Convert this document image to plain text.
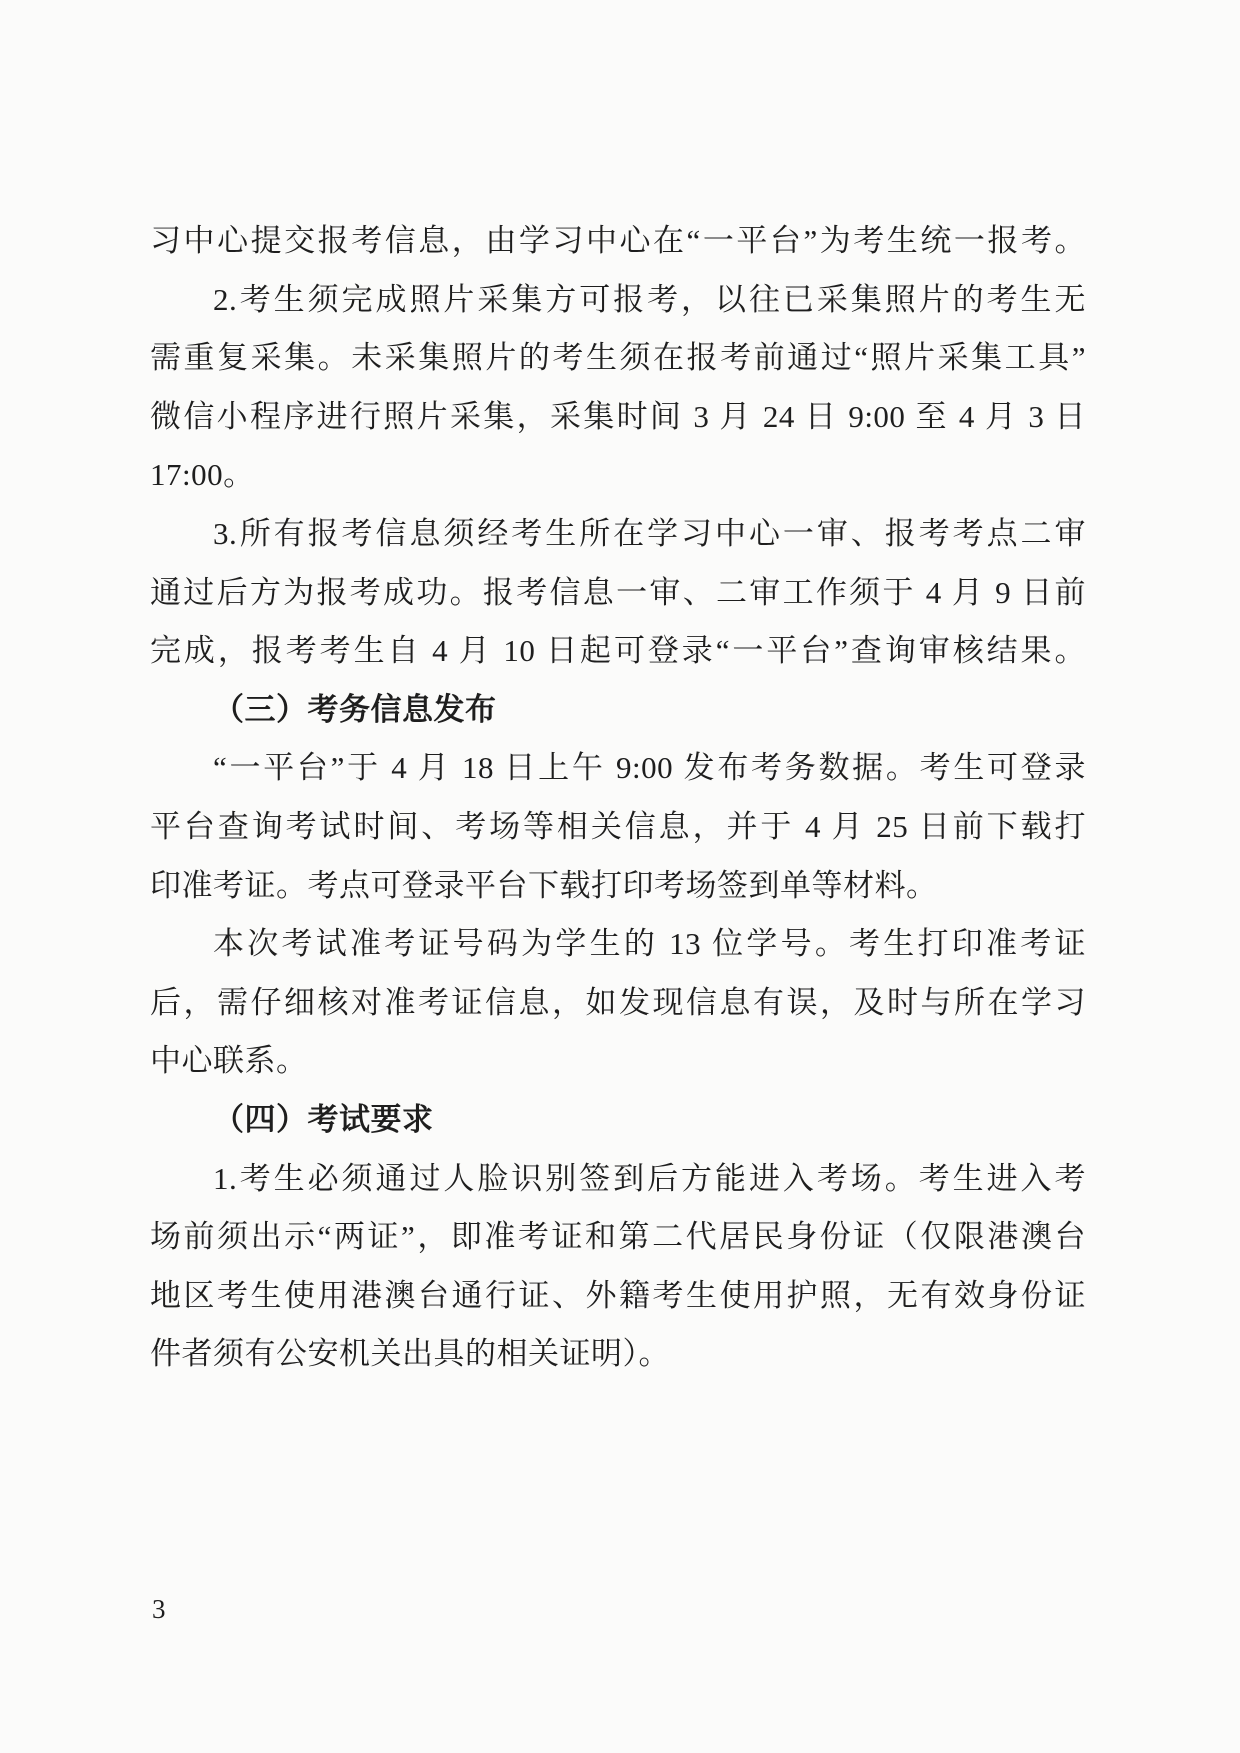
习中心提交报考信息，由学习中心在“一平台”为考生统一报考。
2.考生须完成照片采集方可报考，以往已采集照片的考生无
需重复采集。未采集照片的考生须在报考前通过“照片采集工具”
微信小程序进行照片采集，采集时间 3 月 24 日 9:00 至 4 月 3 日
17:00。
3.所有报考信息须经考生所在学习中心一审、报考考点二审
通过后方为报考成功。报考信息一审、二审工作须于 4 月 9 日前
完成，报考考生自 4 月 10 日起可登录“一平台”查询审核结果。
（三）考务信息发布
“一平台”于 4 月 18 日上午 9:00 发布考务数据。考生可登录
平台查询考试时间、考场等相关信息，并于 4 月 25 日前下载打
印准考证。考点可登录平台下载打印考场签到单等材料。
本次考试准考证号码为学生的 13 位学号。考生打印准考证
后，需仔细核对准考证信息，如发现信息有误，及时与所在学习
中心联系。
（四）考试要求
1.考生必须通过人脸识别签到后方能进入考场。考生进入考
场前须出示“两证”，即准考证和第二代居民身份证（仅限港澳台
地区考生使用港澳台通行证、外籍考生使用护照，无有效身份证
件者须有公安机关出具的相关证明）。
3
